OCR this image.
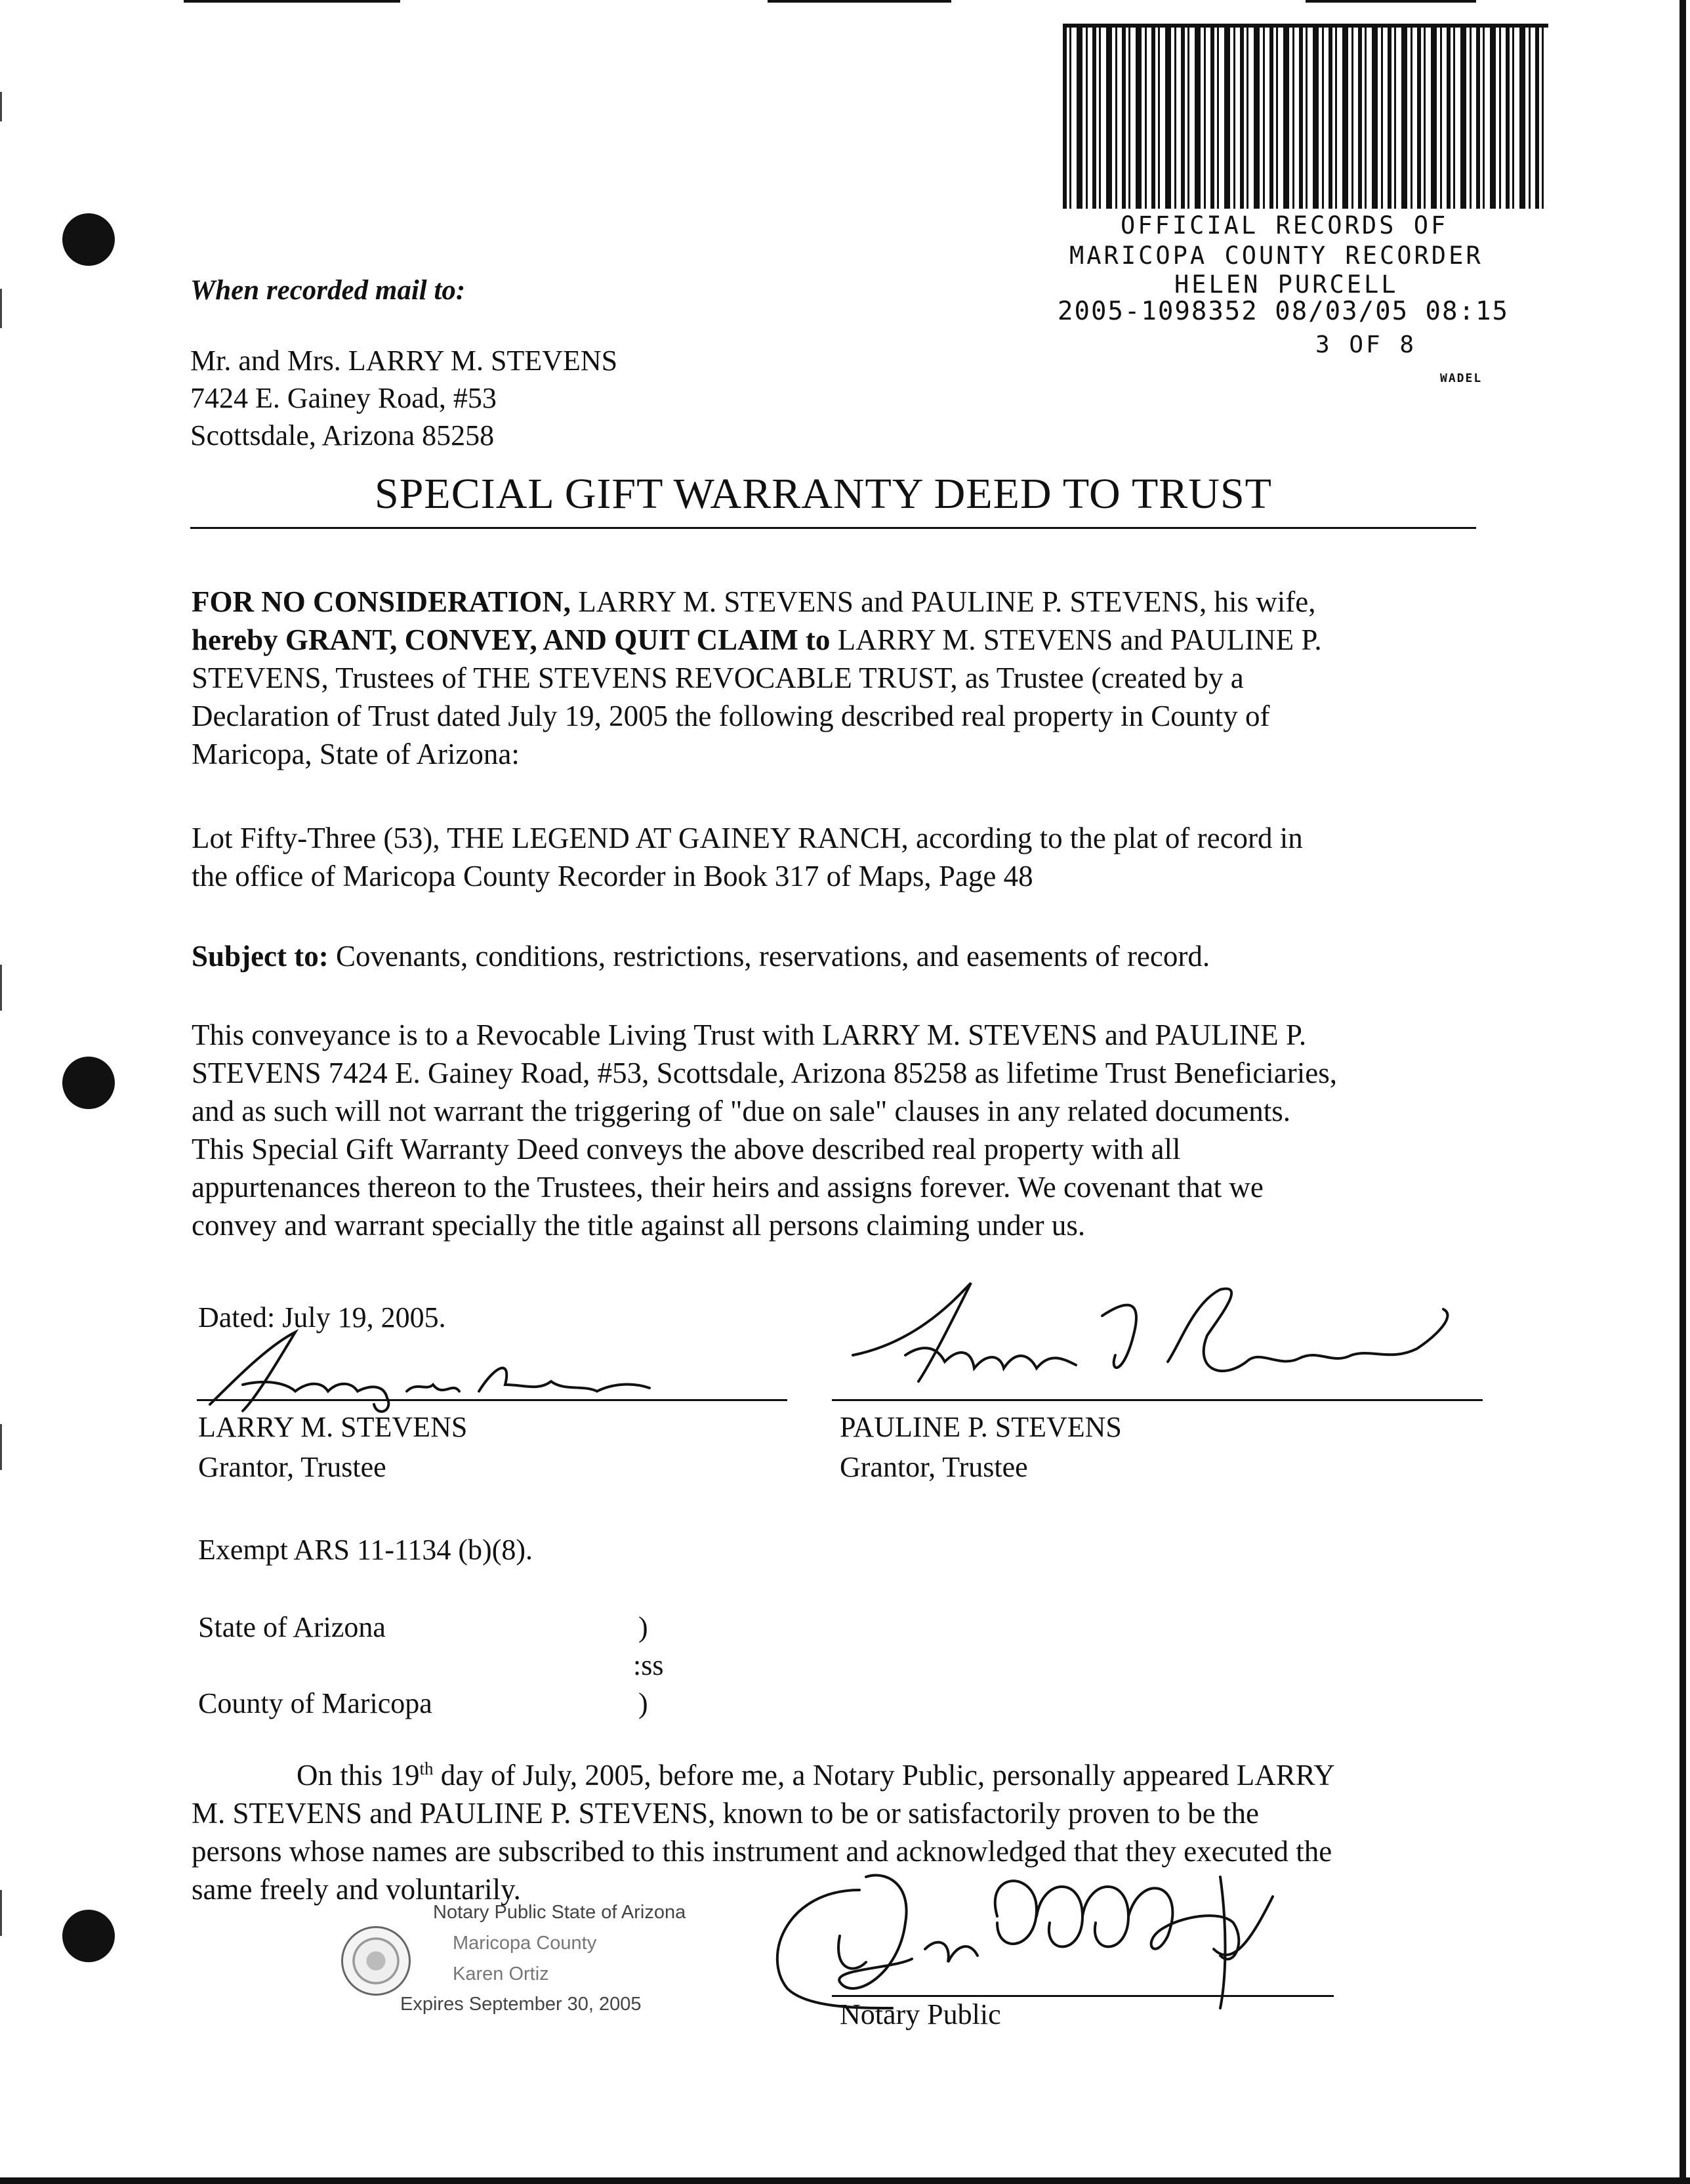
OFFICIAL RECORDS OF
MARICOPA COUNTY RECORDER
HELEN PURCELL
2005-1098352 08/03/05 08:15
3 OF 8
WADEL
When recorded mail to:
Mr. and Mrs. LARRY M. STEVENS
7424 E. Gainey Road, #53
Scottsdale, Arizona 85258
SPECIAL GIFT WARRANTY DEED TO TRUST
FOR NO CONSIDERATION, LARRY M. STEVENS and PAULINE P. STEVENS, his wife,
hereby GRANT, CONVEY, AND QUIT CLAIM to LARRY M. STEVENS and PAULINE P.
STEVENS, Trustees of THE STEVENS REVOCABLE TRUST, as Trustee (created by a
Declaration of Trust dated July 19, 2005 the following described real property in County of
Maricopa, State of Arizona:
Lot Fifty-Three (53), THE LEGEND AT GAINEY RANCH, according to the plat of record in
the office of Maricopa County Recorder in Book 317 of Maps, Page 48
Subject to: Covenants, conditions, restrictions, reservations, and easements of record.
This conveyance is to a Revocable Living Trust with LARRY M. STEVENS and PAULINE P.
STEVENS 7424 E. Gainey Road, #53, Scottsdale, Arizona 85258 as lifetime Trust Beneficiaries,
and as such will not warrant the triggering of "due on sale" clauses in any related documents.
This Special Gift Warranty Deed conveys the above described real property with all
appurtenances thereon to the Trustees, their heirs and assigns forever. We covenant that we
convey and warrant specially the title against all persons claiming under us.
Dated: July 19, 2005.
LARRY M. STEVENS
Grantor, Trustee
PAULINE P. STEVENS
Grantor, Trustee
Exempt ARS 11-1134 (b)(8).
State of Arizona	)
:ss
County of Maricopa	)
On this 19th day of July, 2005, before me, a Notary Public, personally appeared LARRY
M. STEVENS and PAULINE P. STEVENS, known to be or satisfactorily proven to be the
persons whose names are subscribed to this instrument and acknowledged that they executed the
same freely and voluntarily.
Notary Public State of Arizona
Maricopa County
Karen Ortiz
Expires September 30, 2005	Notary Public
